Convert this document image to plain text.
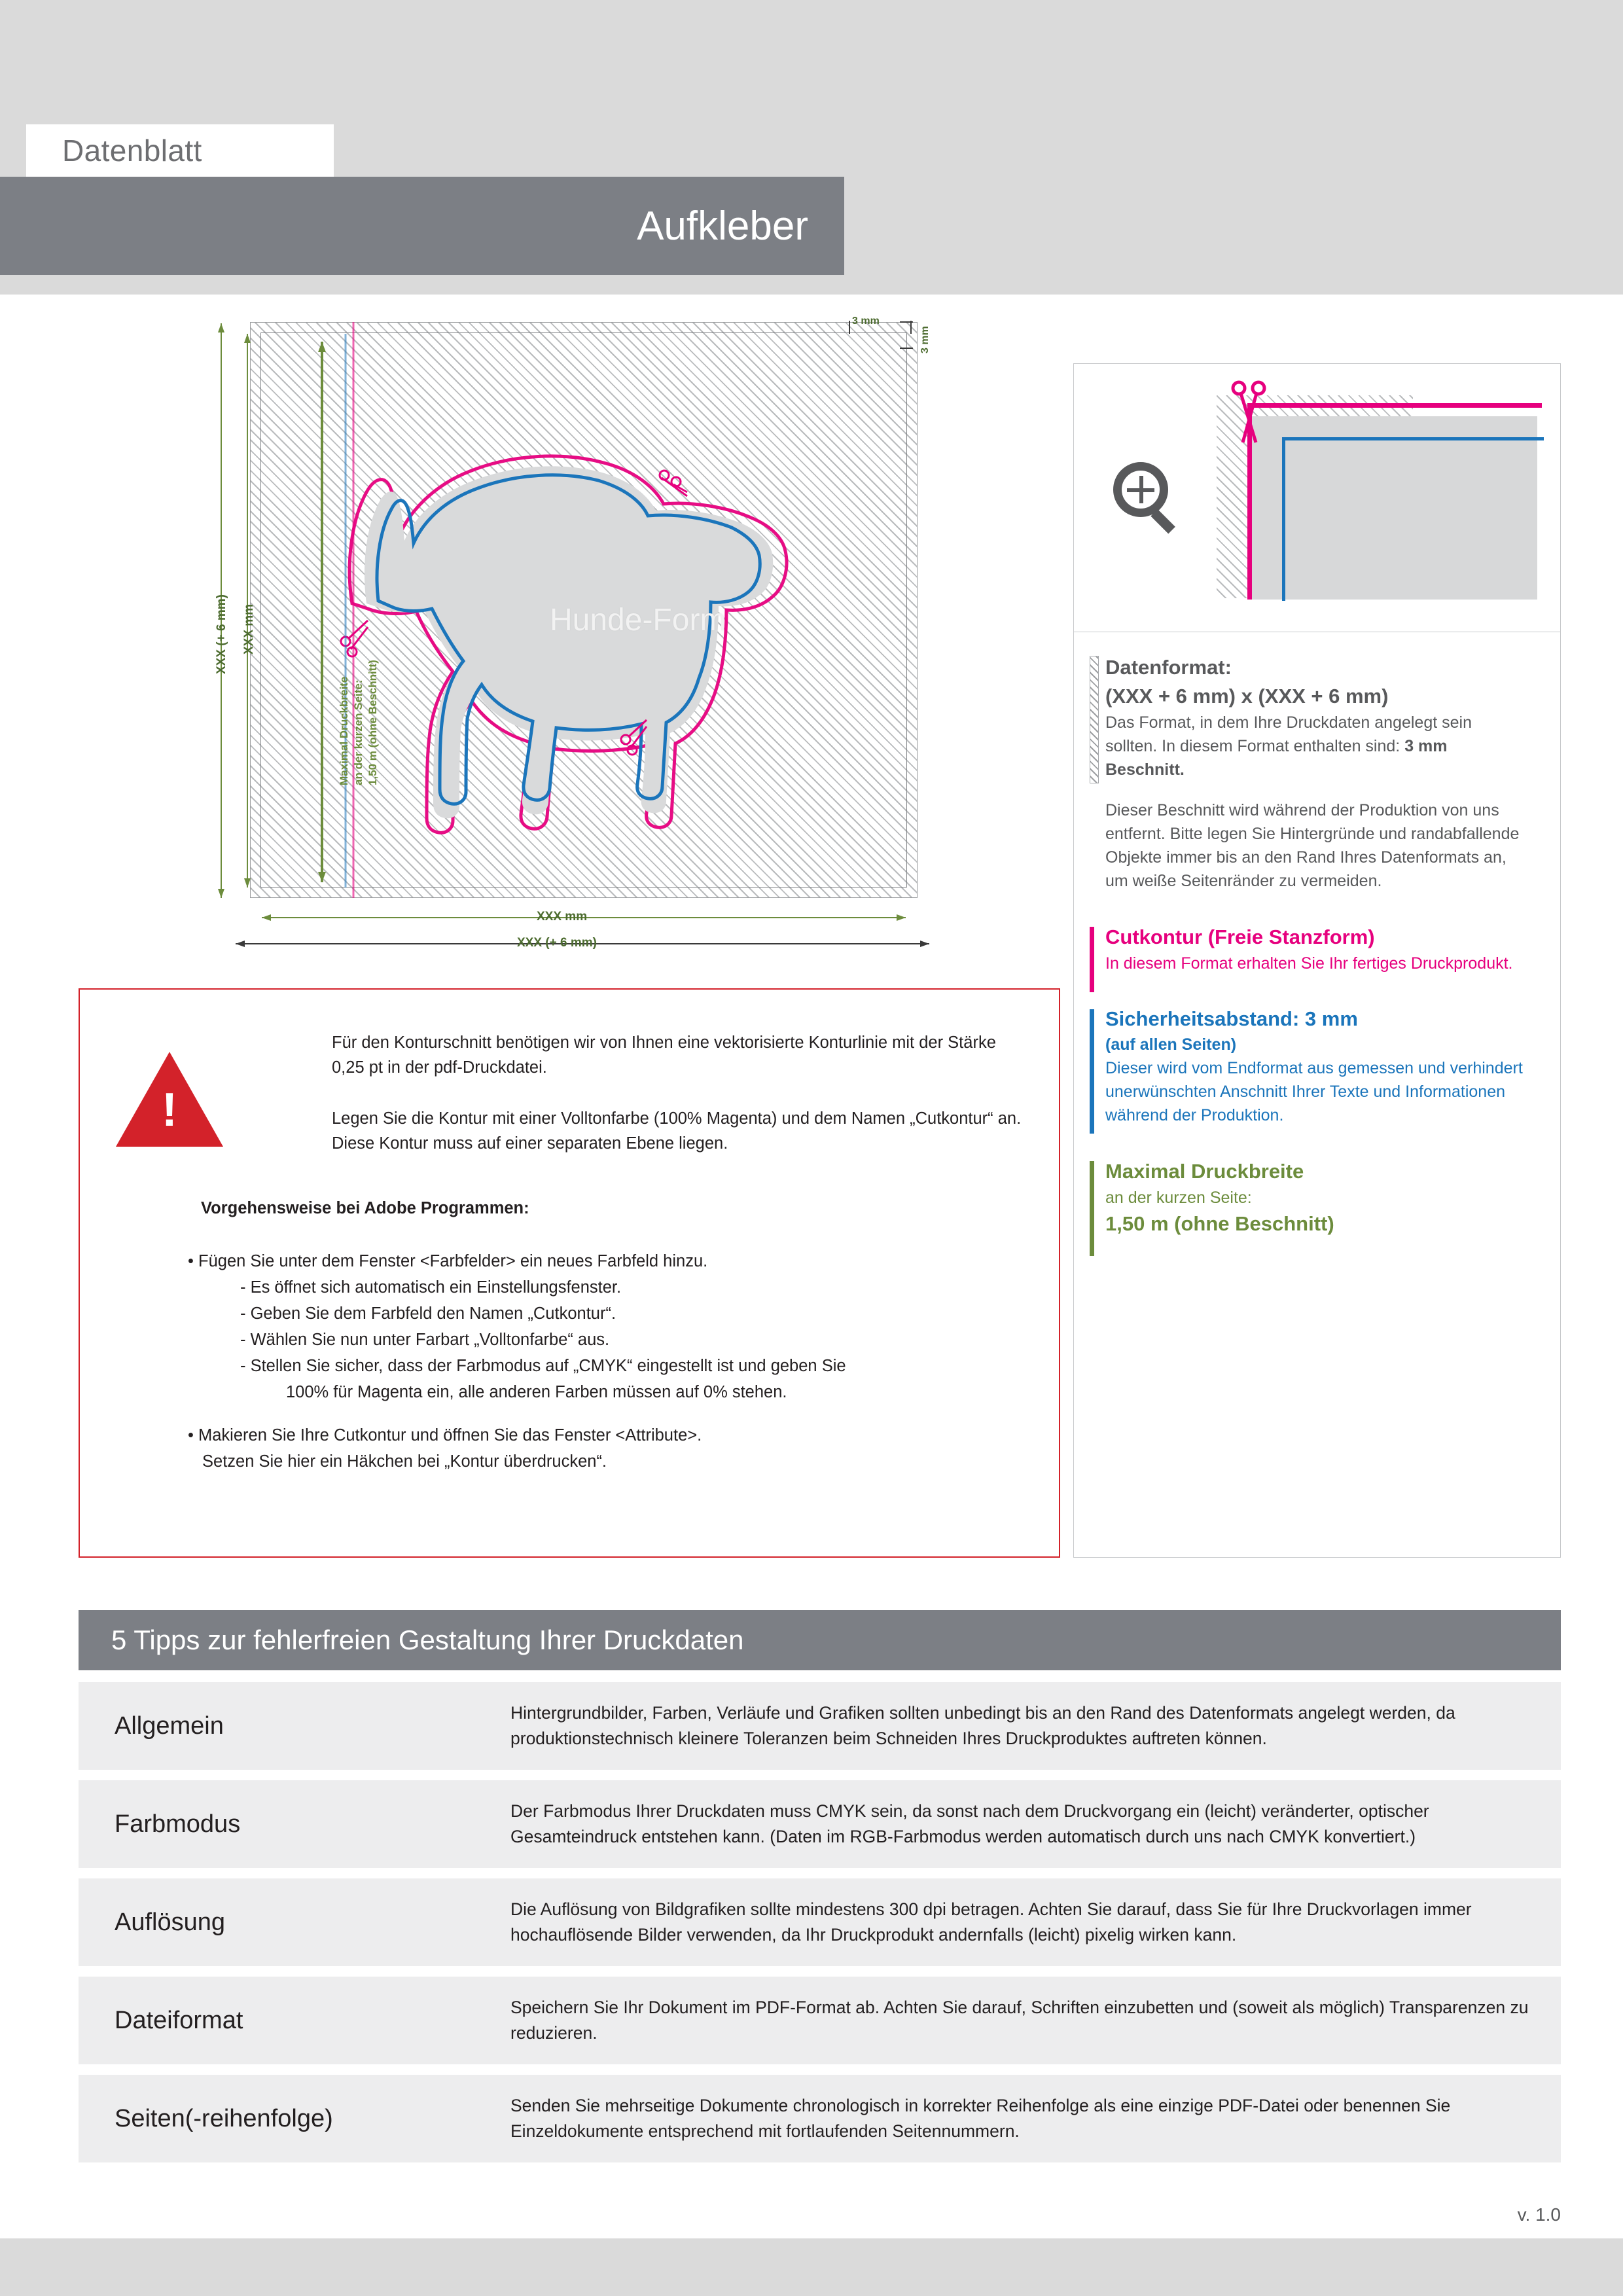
Datenblatt
Aufkleber
Hunde-Form
3 mm
3 mm
XXX (+ 6 mm) XXX mm
XXX mm
XXX (+ 6 mm)
Maximal Druckbreite an der kurzen Seite: 1,50 m (ohne Beschnitt)
!
Für den Konturschnitt benötigen wir von Ihnen eine vektorisierte Konturlinie mit der Stärke 0,25 pt in der pdf-Druckdatei.
Legen Sie die Kontur mit einer Volltonfarbe (100% Magenta) und dem Namen „Cutkontur“ an. Diese Kontur muss auf einer separaten Ebene liegen.
Vorgehensweise bei Adobe Programmen:
• Fügen Sie unter dem Fenster <Farbfelder> ein neues Farbfeld hinzu.
- Es öffnet sich automatisch ein Einstellungsfenster.
- Geben Sie dem Farbfeld den Namen „Cutkontur“.
- Wählen Sie nun unter Farbart „Volltonfarbe“ aus.
- Stellen Sie sicher, dass der Farbmodus auf „CMYK“ eingestellt ist und geben Sie
100% für Magenta ein, alle anderen Farben müssen auf 0% stehen.
• Makieren Sie Ihre Cutkontur und öffnen Sie das Fenster <Attribute>.
Setzen Sie hier ein Häkchen bei „Kontur überdrucken“.
Datenformat:
(XXX + 6 mm) x (XXX + 6 mm)
Das Format, in dem Ihre Druckdaten angelegt sein sollten. In diesem Format enthalten sind: 3 mm Beschnitt.
Dieser Beschnitt wird während der Produktion von uns entfernt. Bitte legen Sie Hintergründe und randabfallende Objekte immer bis an den Rand Ihres Datenformats an, um weiße Seitenränder zu vermeiden.
Cutkontur (Freie Stanzform)
In diesem Format erhalten Sie Ihr fertiges Druckprodukt.
Sicherheitsabstand: 3 mm
(auf allen Seiten)
Dieser wird vom Endformat aus gemessen und verhindert unerwünschten Anschnitt Ihrer Texte und Informationen während der Produktion.
Maximal Druckbreite
an der kurzen Seite:
1,50 m (ohne Beschnitt)
5 Tipps zur fehlerfreien Gestaltung Ihrer Druckdaten
Allgemein	Hintergrundbilder, Farben, Verläufe und Grafiken sollten unbedingt bis an den Rand des Datenformats angelegt werden, da produktionstechnisch kleinere Toleranzen beim Schneiden Ihres Druckproduktes auftreten können.
Farbmodus	Der Farbmodus Ihrer Druckdaten muss CMYK sein, da sonst nach dem Druckvorgang ein (leicht) veränderter, optischer Gesamteindruck entstehen kann. (Daten im RGB-Farbmodus werden automatisch durch uns nach CMYK konvertiert.)
Auflösung	Die Auflösung von Bildgrafiken sollte mindestens 300 dpi betragen. Achten Sie darauf, dass Sie für Ihre Druckvorlagen immer hochauflösende Bilder verwenden, da Ihr Druckprodukt andernfalls (leicht) pixelig wirken kann.
Dateiformat	Speichern Sie Ihr Dokument im PDF-Format ab. Achten Sie darauf, Schriften einzubetten und (soweit als möglich) Transparenzen zu reduzieren.
Seiten(-reihenfolge)	Senden Sie mehrseitige Dokumente chronologisch in korrekter Reihenfolge als eine einzige PDF-Datei oder benennen Sie Einzeldokumente entsprechend mit fortlaufenden Seitennummern.
v. 1.0
